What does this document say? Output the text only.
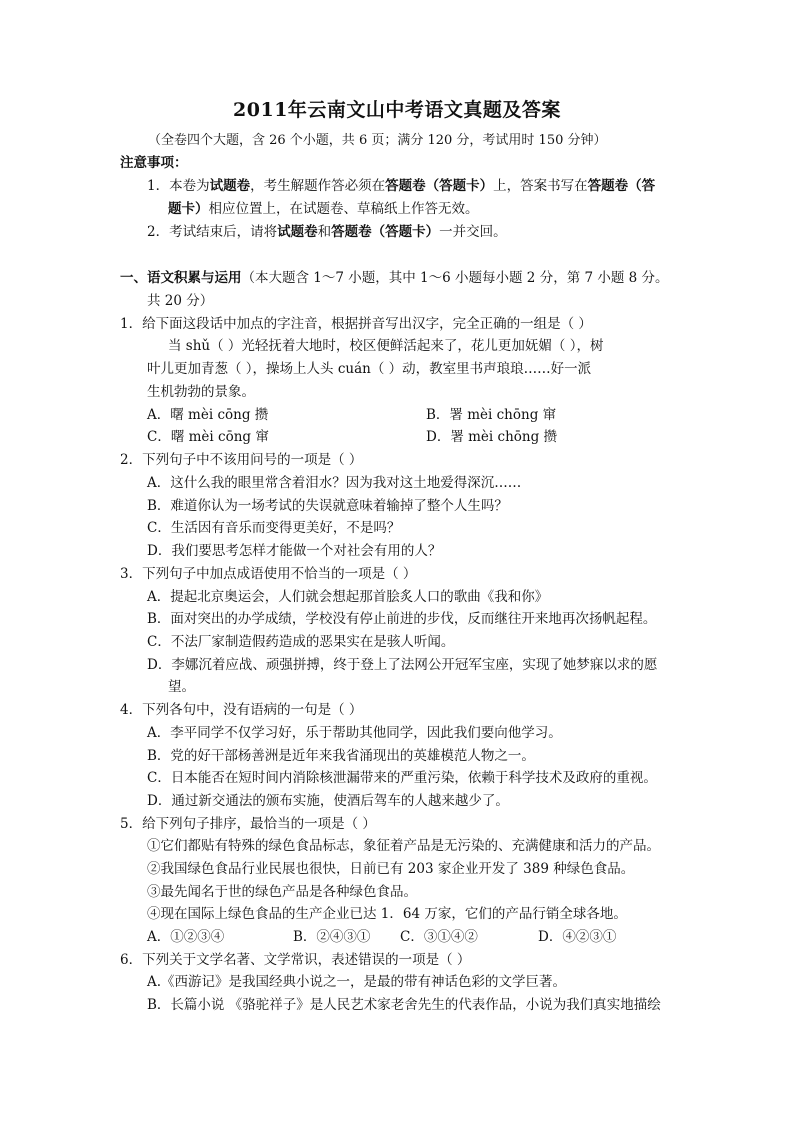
2011年云南文山中考语文真题及答案
（全卷四个大题，含 26 个小题，共 6 页；满分 120 分，考试用时 150 分钟）
注意事项：
1．本卷为试题卷，考生解题作答必须在答题卷（答题卡）上，答案书写在答题卷（答
题卡）相应位置上，在试题卷、草稿纸上作答无效。
2．考试结束后，请将试题卷和答题卷（答题卡）一并交回。
一、语文积累与运用（本大题含 1～7 小题，其中 1～6 小题每小题 2 分，第 7 小题 8 分。
共 20 分）
1．给下面这段话中加点的字注音，根据拼音写出汉字，完全正确的一组是（ ）
当 shǔ（ ）光轻抚着大地时，校区便鲜活起来了，花儿更加妩媚（ ），树
叶儿更加青葱（ ），操场上人头 cuán（ ）动，教室里书声琅琅……好一派
生机勃勃的景象。
A．曙 mèi cōng 攒	B．署 mèi chōng 窜
C．曙 mèi cōng 窜	D．署 mèi chōng 攒
2．下列句子中不该用问号的一项是（ ）
A．这什么我的眼里常含着泪水？因为我对这土地爱得深沉……
B．难道你认为一场考试的失误就意味着输掉了整个人生吗？
C．生活因有音乐而变得更美好，不是吗？
D．我们要思考怎样才能做一个对社会有用的人？
3．下列句子中加点成语使用不恰当的一项是（ ）
A．提起北京奥运会，人们就会想起那首脍炙人口的歌曲《我和你》
B．面对突出的办学成绩，学校没有停止前进的步伐，反而继往开来地再次扬帆起程。
C．不法厂家制造假药造成的恶果实在是骇人听闻。
D．李娜沉着应战、顽强拼搏，终于登上了法网公开冠军宝座，实现了她梦寐以求的愿
望。
4．下列各句中，没有语病的一句是（ ）
A．李平同学不仅学习好，乐于帮助其他同学，因此我们要向他学习。
B．党的好干部杨善洲是近年来我省涌现出的英雄模范人物之一。
C．日本能否在短时间内消除核泄漏带来的严重污染，依赖于科学技术及政府的重视。
D．通过新交通法的颁布实施，使酒后驾车的人越来越少了。
5．给下列句子排序，最恰当的一项是（ ）
①它们都贴有特殊的绿色食品标志，象征着产品是无污染的、充满健康和活力的产品。
②我国绿色食品行业民展也很快，日前已有 203 家企业开发了 389 种绿色食品。
③最先闻名于世的绿色产品是各种绿色食品。
④现在国际上绿色食品的生产企业已达 1．64 万家，它们的产品行销全球各地。
A．①②③④	B．②④③① C．③①④②	D．④②③①
6．下列关于文学名著、文学常识，表述错误的一项是（ ）
A.《西游记》是我国经典小说之一，是最的带有神话色彩的文学巨著。
B．长篇小说 《骆驼祥子》是人民艺术家老舍先生的代表作品，小说为我们真实地描绘
